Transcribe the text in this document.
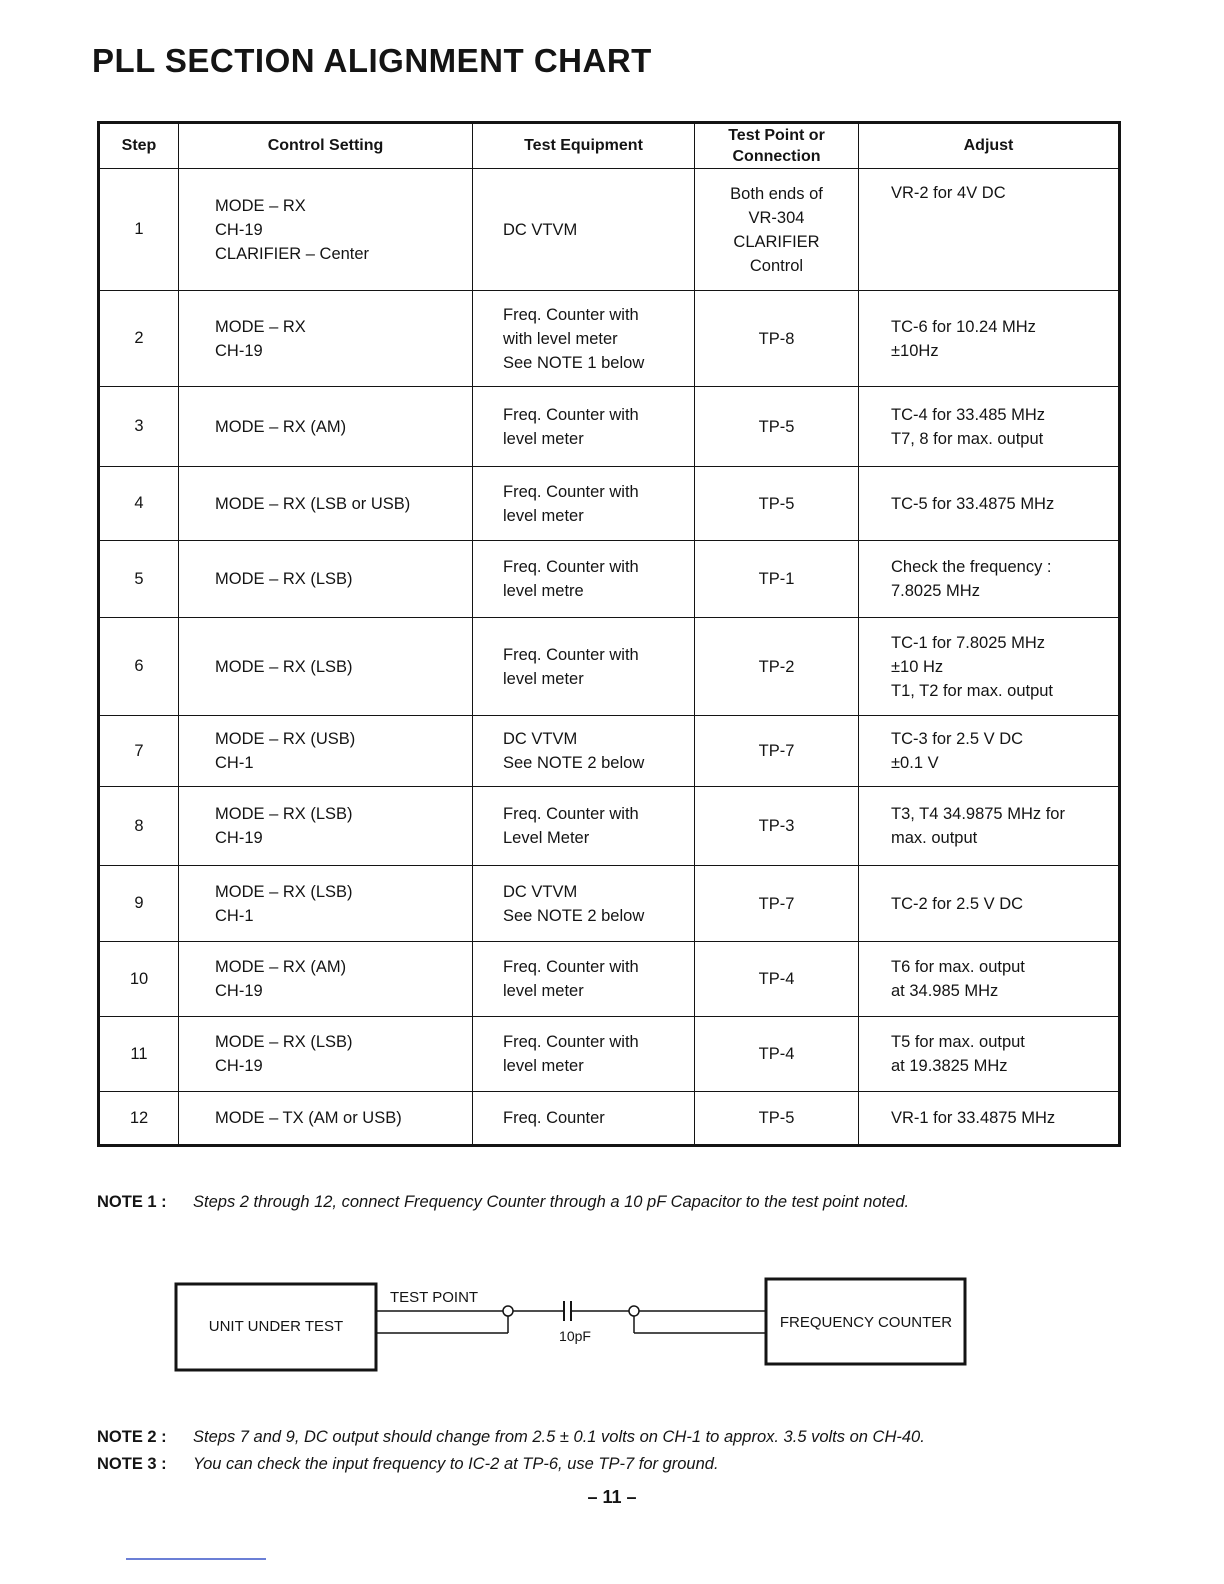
PLL SECTION ALIGNMENT CHART
Step	Control Setting	Test Equipment	Test Point or Connection	Adjust
1	MODE – RX
CH-19
CLARIFIER – Center	DC VTVM	Both ends of
VR-304
CLARIFIER
Control	VR-2 for 4V DC

2	MODE – RX
CH-19	Freq. Counter with
with level meter
See NOTE 1 below	TP-8	TC-6 for 10.24 MHz
±10Hz

3	MODE – RX (AM)	Freq. Counter with
level meter	TP-5	TC-4 for 33.485 MHz
T7, 8 for max. output

4	MODE – RX (LSB or USB)	Freq. Counter with
level meter	TP-5	TC-5 for 33.4875 MHz

5	MODE – RX (LSB)	Freq. Counter with
level metre	TP-1	Check the frequency :
7.8025 MHz

6	MODE – RX (LSB)	Freq. Counter with
level meter	TP-2	TC-1 for 7.8025 MHz
±10 Hz
T1, T2 for max. output

7	MODE – RX (USB)
CH-1	DC VTVM
See NOTE 2 below	TP-7	TC-3 for 2.5 V DC
±0.1 V

8	MODE – RX (LSB)
CH-19	Freq. Counter with
Level Meter	TP-3	T3, T4 34.9875 MHz for
max. output

9	MODE – RX (LSB)
CH-1	DC VTVM
See NOTE 2 below	TP-7	TC-2 for 2.5 V DC

10	MODE – RX (AM)
CH-19	Freq. Counter with
level meter	TP-4	T6 for max. output
at 34.985 MHz

11	MODE – RX (LSB)
CH-19	Freq. Counter with
level meter	TP-4	T5 for max. output
at 19.3825 MHz

12	MODE – TX (AM or USB)	Freq. Counter	TP-5	VR-1 for 33.4875 MHz
NOTE 1 : Steps 2 through 12, connect Frequency Counter through a 10 pF Capacitor to the test point noted.
UNIT UNDER TEST
TEST POINT
10pF
FREQUENCY COUNTER
NOTE 2 : Steps 7 and 9, DC output should change from 2.5 ± 0.1 volts on CH-1 to approx. 3.5 volts on CH-40.
NOTE 3 : You can check the input frequency to IC-2 at TP-6, use TP-7 for ground.
– 11 –
